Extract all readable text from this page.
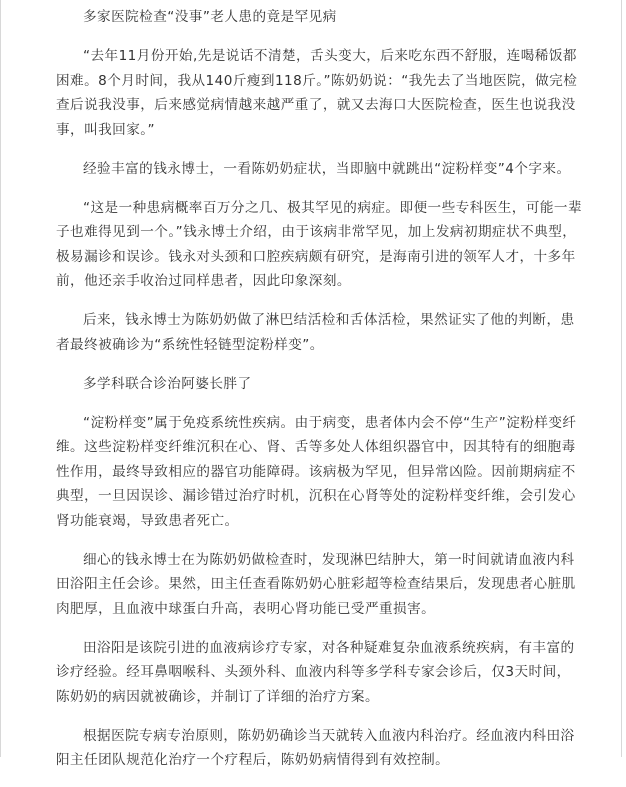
多家医院检查“没事”老人患的竟是罕见病

“去年11月份开始,先是说话不清楚，舌头变大，后来吃东西不舒服，连喝稀饭都困难。8个月时间，我从140斤瘦到118斤。”陈奶奶说：“我先去了当地医院，做完检查后说我没事，后来感觉病情越来越严重了，就又去海口大医院检查，医生也说我没事，叫我回家。”

经验丰富的钱永博士，一看陈奶奶症状，当即脑中就跳出“淀粉样变”4个字来。

“这是一种患病概率百万分之几、极其罕见的病症。即便一些专科医生，可能一辈子也难得见到一个。”钱永博士介绍，由于该病非常罕见，加上发病初期症状不典型，极易漏诊和误诊。钱永对头颈和口腔疾病颇有研究，是海南引进的领军人才，十多年前，他还亲手收治过同样患者，因此印象深刻。

后来，钱永博士为陈奶奶做了淋巴结活检和舌体活检，果然证实了他的判断，患者最终被确诊为“系统性轻链型淀粉样变”。

多学科联合诊治阿婆长胖了

“淀粉样变”属于免疫系统性疾病。由于病变，患者体内会不停“生产”淀粉样变纤维。这些淀粉样变纤维沉积在心、肾、舌等多处人体组织器官中，因其特有的细胞毒性作用，最终导致相应的器官功能障碍。该病极为罕见，但异常凶险。因前期病症不典型，一旦因误诊、漏诊错过治疗时机，沉积在心肾等处的淀粉样变纤维，会引发心肾功能衰竭，导致患者死亡。

细心的钱永博士在为陈奶奶做检查时，发现淋巴结肿大，第一时间就请血液内科田浴阳主任会诊。果然，田主任查看陈奶奶心脏彩超等检查结果后，发现患者心脏肌肉肥厚，且血液中球蛋白升高，表明心肾功能已受严重损害。

田浴阳是该院引进的血液病诊疗专家，对各种疑难复杂血液系统疾病，有丰富的诊疗经验。经耳鼻咽喉科、头颈外科、血液内科等多学科专家会诊后，仅3天时间，陈奶奶的病因就被确诊，并制订了详细的治疗方案。

根据医院专病专治原则，陈奶奶确诊当天就转入血液内科治疗。经血液内科田浴阳主任团队规范化治疗一个疗程后，陈奶奶病情得到有效控制。
